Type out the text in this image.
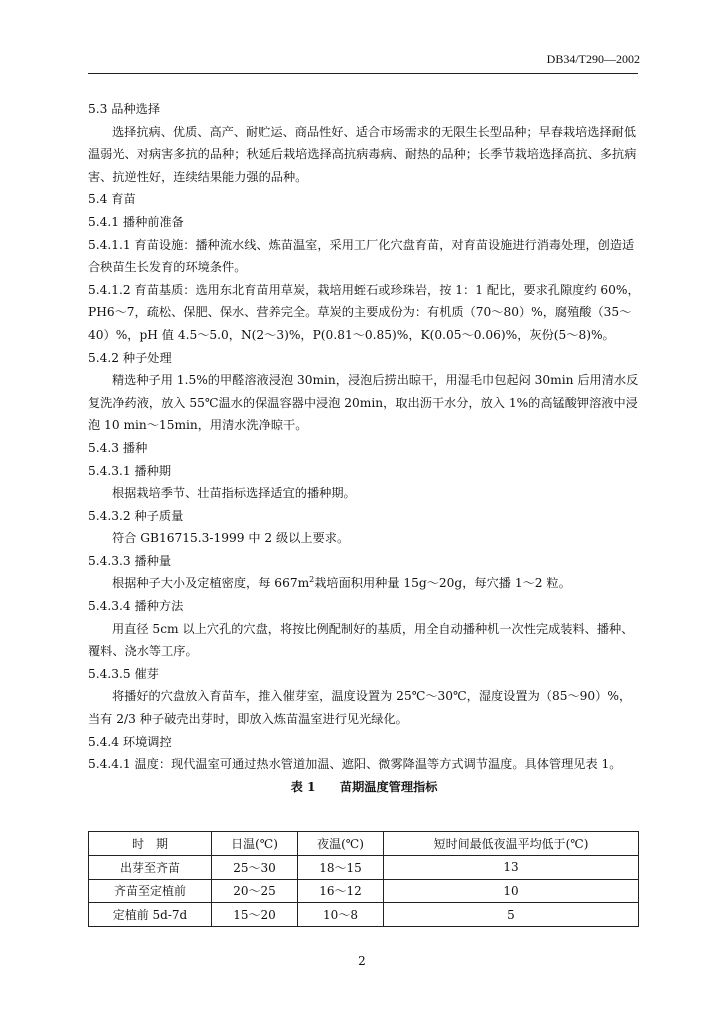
DB34/T290—2002

5.3 品种选择

选择抗病、优质、高产、耐贮运、商品性好、适合市场需求的无限生长型品种；早春栽培选择耐低温弱光、对病害多抗的品种；秋延后栽培选择高抗病毒病、耐热的品种；长季节栽培选择高抗、多抗病害、抗逆性好，连续结果能力强的品种。

5.4 育苗

5.4.1 播种前准备

5.4.1.1 育苗设施：播种流水线、炼苗温室，采用工厂化穴盘育苗，对育苗设施进行消毒处理，创造适合秧苗生长发育的环境条件。

5.4.1.2 育苗基质：选用东北育苗用草炭，栽培用蛭石或珍珠岩，按 1：1 配比，要求孔隙度约 60%，PH6～7，疏松、保肥、保水、营养完全。草炭的主要成份为：有机质（70～80）%，腐殖酸（35～40）%，pH 值 4.5～5.0，N(2～3)%，P(0.81～0.85)%，K(0.05～0.06)%，灰份(5～8)%。

5.4.2 种子处理

精选种子用 1.5%的甲醛溶液浸泡 30min，浸泡后捞出晾干，用湿毛巾包起闷 30min 后用清水反复洗净药液，放入 55℃温水的保温容器中浸泡 20min，取出沥干水分，放入 1%的高锰酸钾溶液中浸泡 10 min～15min，用清水洗净晾干。

5.4.3 播种

5.4.3.1 播种期

根据栽培季节、壮苗指标选择适宜的播种期。

5.4.3.2 种子质量

符合 GB16715.3-1999 中 2 级以上要求。

5.4.3.3 播种量

根据种子大小及定植密度，每 $667m^2$栽培面积用种量 15g～20g，每穴播 1～2 粒。

5.4.3.4 播种方法

用直径 5cm 以上穴孔的穴盘，将按比例配制好的基质，用全自动播种机一次性完成装料、播种、覆料、浇水等工序。

5.4.3.5 催芽

将播好的穴盘放入育苗车，推入催芽室，温度设置为 25℃～30℃，湿度设置为（85～90）%，当有 2/3 种子破壳出芽时，即放入炼苗温室进行见光绿化。

5.4.4 环境调控

5.4.4.1 温度：现代温室可通过热水管道加温、遮阳、微雾降温等方式调节温度。具体管理见表 1。

表 1　　苗期温度管理指标

时　期	日温(℃)	夜温(℃)	短时间最低夜温平均低于(℃)
出芽至齐苗	25～30	18～15	13
齐苗至定植前	20～25	16～12	10
定植前 5d-7d	15～20	10～8	5
2
